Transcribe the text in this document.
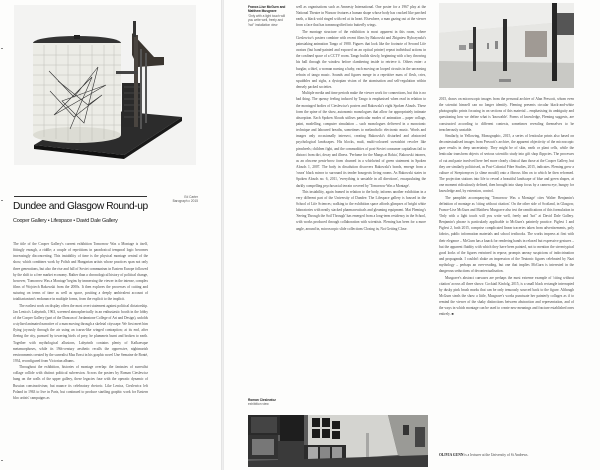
Ed Carter
Barograph c 2015
Dundee and Glasgow Round-up
Cooper Gallery • Lifespace • David Dale Gallery

The title of the Cooper Gallery's current exhibition Tomorrow Was a Montage is itself, fittingly enough, a riddle; a couple of repetitions in paradoxical temporal logic becomes increasingly disconcerting. This instability of time is the physical montage central of the show, which combines work by Polish and Hungarian artists whose practices span not only three generations, but also the rise and fall of Soviet communism in Eastern Europe followed by the shift to a free market economy. Rather than a chronological history of political change, however, 'Tomorrow Was a Montage' begins by immersing the viewer in the intense, complex films of Wojciech Bakowski from the 2000s. It then explores the processes of cutting and suturing on terms of time as well as space, positing a deeply ambivalent account of totalitarianism's endurance in multiple forms, from the explicit to the implicit.

The earliest work on display offers the most overt statement against political dictatorship. Jan Lenica's Labyrinth, 1963, screened atmospherically in an enthusiastic booth in the lobby of the Cooper Gallery (part of the Duncan of Jordanstone College of Art and Design), unfolds a stylised animated narrative of a man moving through a skeletal cityscape. We first meet him flying joyously through the air using an icarus-like winged contraption; at its end, after fleeing the city, pursued by towering birds of prey, he plummets burnt and broken to earth. Together with mythological allusions, Labyrinth contains plenty of Kafkaesque metamorphoses, while its 19th-century aesthetic recalls the oppressive, nightmarish environments created by the surrealist Max Ernst in his graphic novel Une Semaine de Bonté, 1934, reconfigured from Victorian albums.

Throughout the exhibition, histories of montage overlap: the fantasies of surrealist collage collide with distinct political subversion. Across the posters by Roman Cieslewicz hung on the walls of the upper gallery, these legacies fuse with the operatic dynamic of Russian constructivism; but nuance its celebratory rhetoric. Like Lenica, Cieslewicz left Poland in 1963 to live in Paris, but continued to produce startling graphic work for Eastern bloc artists' campaigns as

France-Lise McGurn and Matthew Musgrave
'Only with a light touch will you write well, freely and 'hot'' installation view

well as organisations such as Amnesty International. One poster for a 1967 play at the National Theatre in Warsaw features a human shape whose body has cracked like parched earth, a black void ringed with red at its heart. Elsewhere, a man gazing out at the viewer from a face that has transmogrified into butterfly wings.

The montage structure of the exhibition is most apparent in this room, where Cieslewicz's posters combine with recent films by Bakowski and Zbigniew Rybczynski's painstaking animation Tango of 1980. Figures that look like the footnote of Second Life avatars (but hand-painted and exposed on an optical printer) repeat individual actions in the confined space of a CCTV room. Tango builds slowly, beginning with a boy throwing his ball through the window before clambering inside to retrieve it. Others enter: a burglar, a thief, a woman nursing a baby, each moving on looped circuits in the unceasing refrain of tango music. Sounds and figures merge in a repetitive mass of flesh, cries, squabbles and sighs, a dystopian vision of the atomisation and self-regulation within densely packed societies.

Multiple media and time periods make the viewer work for connections, but this is no bad thing. The queasy feeling induced by Tango is emphasised when read in relation to the montaged bodies of Cieslewicz's posters and Bakowski's eight Spoken Alouds. These form the spine of the show, autonomic monologues that allow for appropriately intimate absorption. Each Spoken Alouds utilises particular modes of animation – paper collage, paint, modelling, computer simulation – such monologues delivered in a monotonic technique and laboured breaths, sometimes to melancholic electronic music. Words and images only occasionally intersect, creating Bakowski's disturbed and abstracted psychological landscapes. His blocks, mult, multi-coloured sweatshirt revolve like pinwheels; children fight, and the commodities of post-Soviet consumer capitalism fail to distract from dirt, decay and illness. 'Perfume for the Mangs at Rokta', Bakowski intones, as an obscene penis-brow form churned in a whirlwind of green statement in Spoken Alouds 1, 2007. The body in dissolution discovers Bakowski's bonds, emerge from a 'rosea' black mirror to surround its tender bourgeois living rooms. As Bakowski states in Spoken Alouds no. 6, 2011, 'everything is unstable in all directions', encapsulating the darkly compelling psychosocial terrain covered by 'Tomorrow Was a Montage'.

This instability, again framed in relation to the body, informs another exhibition in a very different part of the University of Dundee. The Lifespace gallery is housed in the School of Life Sciences; walking to the exhibition space affords glimpses of bright white laboratories with neatly stacked pharmaceuticals and gleaming equipment. Mat Fleming's 'Seeing Through the Soil Through' has emerged from a long-term residency in the School, with works produced through collaboration with scientists. Fleming has been for a more angle, around in, microscopic slide collections Closing in, Not Getting Close.

Roman Cieslewicz
exhibition view

2015, draws on microscopic images from the personal archive of Alan Prescott, whom even the scientist himself can no longer identify. Fleming presents circular black-and-white photographic prints focusing in on sections of this material – emphasising its ambiguity and questioning how we define what is 'knowable'. Forms of knowledge, Fleming suggests, are constructed according to different contexts, sometimes revealing themselves to be treacherously unstable.

Similarly, in Yellowing, Monographic, 2015, a series of lenticular prints also based on decontextualised images from Prescott's archive, the apparent objectivity of the microscopic gaze results in deep uncertainty. They might be of skin, earth or plant cells, while the lenticular transform objects of serious scientific study into gift shop flippcies. The processes of cut and paste involved here feel more clearly clinical than those at the Cooper Gallery, but they are similarly politicised, as Post-Colonial Fibre Studies, 2015, indicates. Fleming grew a culture of Streptomyces (a slime mould) onto a fibrous film on to which he then reformed. The projection stations into life to reveal a beautiful landscape of blue and green shapes, at one moment ridiculously defined, then brought into sharp focus by a camera eye, hungry for knowledge and, by extension, control.

The pamphlet accompanying 'Tomorrow Was a Montage' cites Walter Benjamin's definition of montage as 'citing without citation'. On the other side of Scotland, in Glasgow, France-Lise McGurn and Matthew Musgrave also test the ramifications of this formulation in 'Only with a light touch will you write well, freely and 'hot'' at David Dale Gallery. Benjamin's phrase is particularly applicable to McGurn's painterly practice. Pigfest 1 and Pigfest 2, both 2015, comprise complicated linear traceries taken from advertisements, poly fabrics, public information materials and school textbooks. The works impress at first with their elegance – McGurn has a knack for rendering hands in relaxed but expressive gestures – but the apparent fluidity with which they have been painted, not to mention the stereotypical good looks of the figures entwined in repose, prompts uneasy suspicions of indoctrination and propaganda. I couldn't shake an impression of the Teutonic figures celebrated by Nazi mythology – perhaps an over-reading, but one that implies McGurn is interested in the dangerous seductions of decontextualisation.

Musgrave's abstract canvases are perhaps the most extreme example of 'citing without citation' across all three shows: Cocktail Kinfolg, 2015, is a small black rectangle interrupted by dusky pink brush marks that can be only tenuously sourced back to the figure. Although McGurn steals the show a little, Musgrave's works punctuate her painterly collages as if to remind the viewer of the shaky distinctions between abstraction and representation, and of the ways in which montage can be used to create new meanings and fracture established ones entirely. ■

OLIVIA GUNN is a lecturer at the University of St Andrews.
